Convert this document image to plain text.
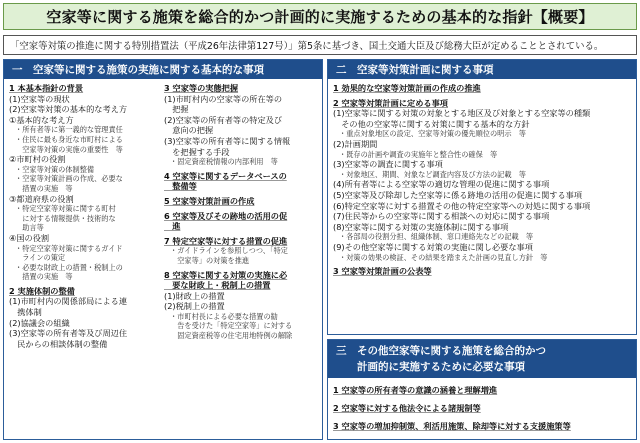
空家等に関する施策を総合的かつ計画的に実施するための基本的な指針【概要】
「空家等対策の推進に関する特別措置法（平成26年法律第127号）」第5条に基づき、国土交通大臣及び総務大臣が定めることとされている。
一　空家等に関する施策の実施に関する基本的な事項
1 本基本指針の背景
(1)空家等の現状
(2)空家等対策の基本的な考え方
①基本的な考え方
・所有者等に第一義的な管理責任
・住民に最も身近な市町村による
　空家等対策の実施の重要性　等
②市町村の役割
・空家等対策の体制整備
・空家等対策計画の作成、必要な
　措置の実施　等
③都道府県の役割
・特定空家等対策に関する町村
　に対する情報提供・技術的な
　助言等
④国の役割
・特定空家等対策に関するガイド
　ラインの策定
・必要な財政上の措置・税制上の
　措置の実施　等
2 実施体制の整備
(1)市町村内の関係部局による連
　携体制
(2)協議会の組織
(3)空家等の所有者等及び周辺住
　民からの相談体制の整備
3 空家等の実態把握
(1)市町村内の空家等の所在等の
　把握
(2)空家等の所有者等の特定及び
　意向の把握
(3)空家等の所有者等に関する情報
　を把握する手段
・固定資産税情報の内部利用　等
4 空家等に関するデータベースの
　整備等
5 空家等対策計画の作成
6 空家等及びその跡地の活用の促
　進
7 特定空家等に対する措置の促進
・ガイドラインを参照しつつ、「特定
　空家等」の対策を推進
8 空家等に関する対策の実施に必
　要な財政上・税制上の措置
(1)財政上の措置
(2)税制上の措置
・市町村長による必要な措置の勧
　告を受けた「特定空家等」に対する
　固定資産税等の住宅用地特例の解除
二　空家等対策計画に関する事項
1 効果的な空家等対策計画の作成の推進
2 空家等対策計画に定める事項
(1)空家等に関する対策の対象とする地区及び対象とする空家等の種類
　その他の空家等に関する対策に関する基本的な方針
・重点対象地区の設定、空家等対策の優先順位の明示　等
(2)計画期間
・既存の計画や調査の実施年と整合性の確保　等
(3)空家等の調査に関する事項
・対象地区、期間、対象など調査内容及び方法の記載　等
(4)所有者等による空家等の適切な管理の促進に関する事項
(5)空家等及び除却した空家等に係る跡地の活用の促進に関する事項
(6)特定空家等に対する措置その他の特定空家等への対処に関する事項
(7)住民等からの空家等に関する相談への対応に関する事項
(8)空家等に関する対策の実施体制に関する事項
・各部局の役割分担、組織体制、窓口連絡先などの記載　等
(9)その他空家等に関する対策の実施に関し必要な事項
・対策の効果の検証、その結果を踏まえた計画の見直し方針　等
3 空家等対策計画の公表等
三　その他空家等に関する施策を総合的かつ
　　計画的に実施するために必要な事項
1 空家等の所有者等の意識の涵養と理解増進
2 空家等に対する他法令による諸規制等
3 空家等の増加抑制策、利活用施策、除却等に対する支援施策等
